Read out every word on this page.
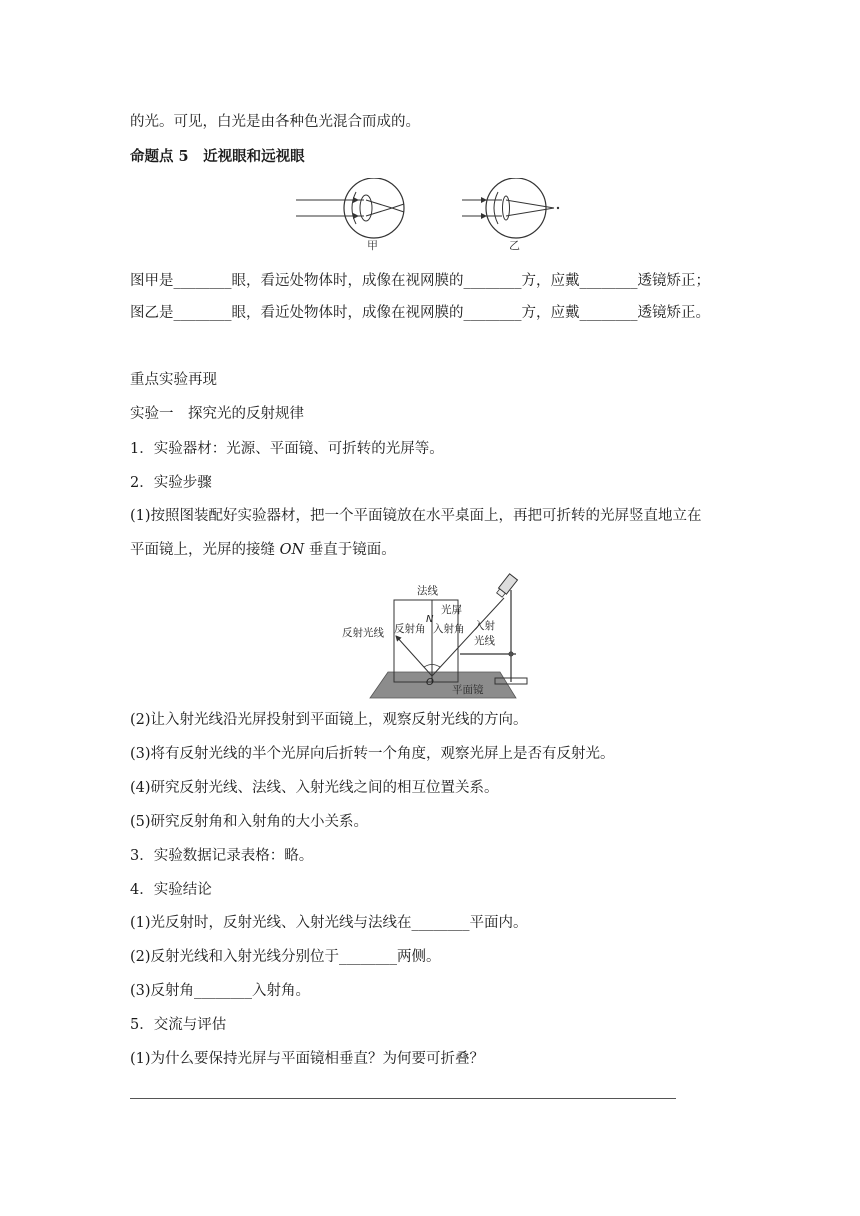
的光。可见，白光是由各种色光混合而成的。
命题点 5　近视眼和远视眼
甲	乙
图甲是________眼，看远处物体时，成像在视网膜的________方，应戴________透镜矫正；
图乙是________眼，看近处物体时，成像在视网膜的________方，应戴________透镜矫正。
重点实验再现
实验一　探究光的反射规律
1．实验器材：光源、平面镜、可折转的光屏等。
2．实验步骤
(1)按照图装配好实验器材，把一个平面镜放在水平桌面上，再把可折转的光屏竖直地立在
平面镜上，光屏的接缝 ON 垂直于镜面。
法线
光屏
N
反射光线 反射角 入射角 入射
光线
O
平面镜
(2)让入射光线沿光屏投射到平面镜上，观察反射光线的方向。
(3)将有反射光线的半个光屏向后折转一个角度，观察光屏上是否有反射光。
(4)研究反射光线、法线、入射光线之间的相互位置关系。
(5)研究反射角和入射角的大小关系。
3．实验数据记录表格：略。
4．实验结论
(1)光反射时，反射光线、入射光线与法线在________平面内。
(2)反射光线和入射光线分别位于________两侧。
(3)反射角________入射角。
5．交流与评估
(1)为什么要保持光屏与平面镜相垂直？为何要可折叠？
